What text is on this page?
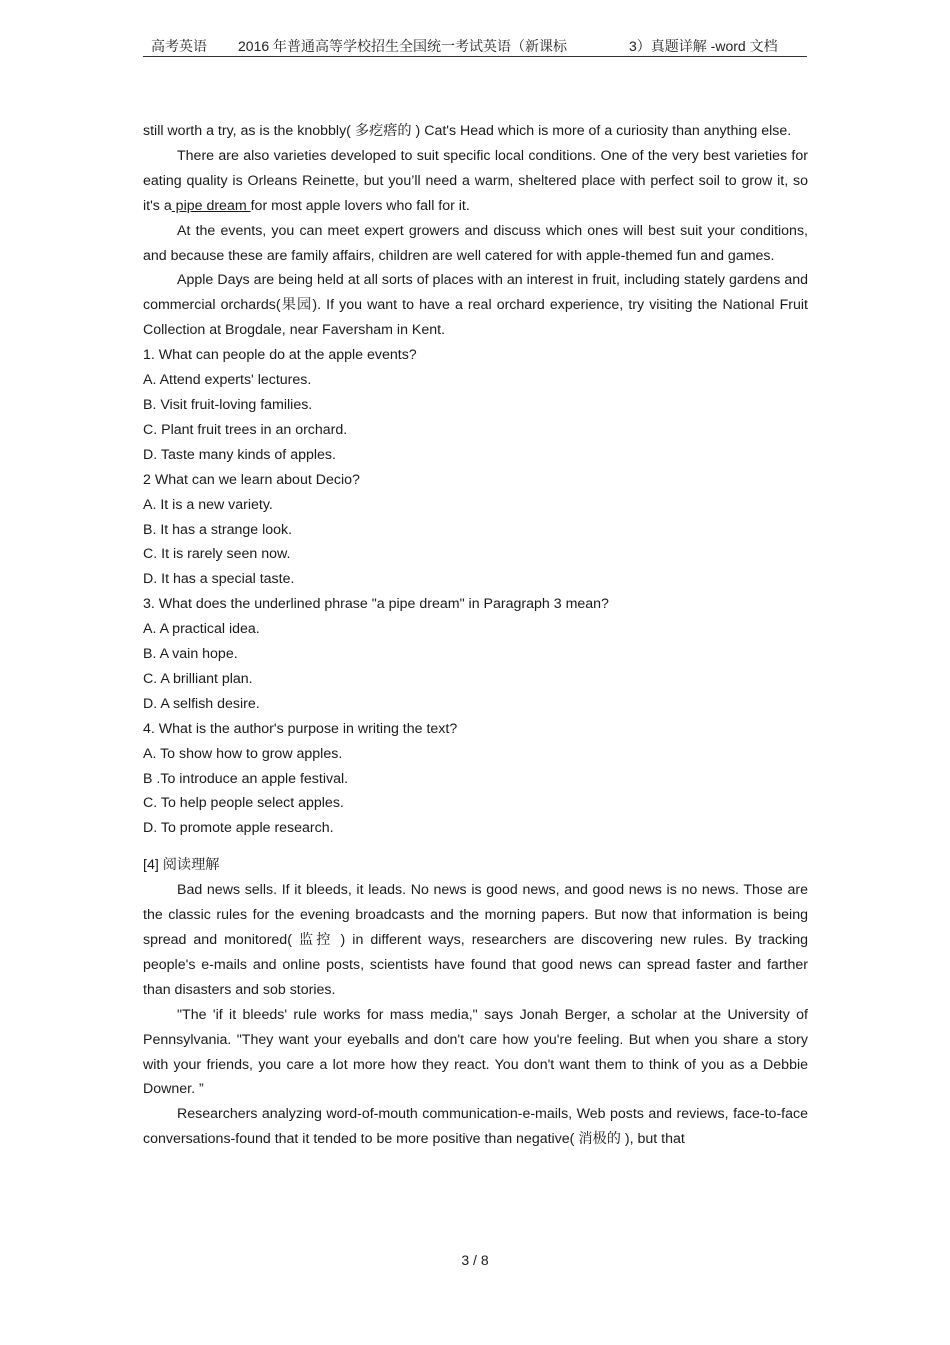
高考英语 2016 年普通高等学校招生全国统一考试英语（新课标	3）真题详解 -word 文档

still worth a try, as is the knobbly( 多疙瘩的 ) Cat's Head which is more of a curiosity than anything else.

There are also varieties developed to suit specific local conditions. One of the very best varieties for eating quality is Orleans Reinette, but you’ll need a warm, sheltered place with perfect soil to grow it, so it's a pipe dream for most apple lovers who fall for it.

At the events, you can meet expert growers and discuss which ones will best suit your conditions, and because these are family affairs, children are well catered for with apple-themed fun and games.

Apple Days are being held at all sorts of places with an interest in fruit, including stately gardens and commercial orchards(果园). If you want to have a real orchard experience, try visiting the National Fruit Collection at Brogdale, near Faversham in Kent.

1. What can people do at the apple events?

A. Attend experts' lectures.

B. Visit fruit-loving families.

C. Plant fruit trees in an orchard.

D. Taste many kinds of apples.

2 What can we learn about Decio?

A. It is a new variety.

B. It has a strange look.

C. It is rarely seen now.

D. It has a special taste.

3. What does the underlined phrase "a pipe dream" in Paragraph 3 mean?

A. A practical idea.

B. A vain hope.

C. A brilliant plan.

D. A selfish desire.

4. What is the author's purpose in writing the text?

A. To show how to grow apples.

B .To introduce an apple festival.

C. To help people select apples.

D. To promote apple research.

[4] 阅读理解

Bad news sells. If it bleeds, it leads. No news is good news, and good news is no news. Those are the classic rules for the evening broadcasts and the morning papers. But now that information is being spread and monitored( 监控 ) in different ways, researchers are discovering new rules. By tracking people's e-mails and online posts, scientists have found that good news can spread faster and farther than disasters and sob stories.

"The 'if it bleeds' rule works for mass media," says Jonah Berger, a scholar at the University of Pennsylvania. "They want your eyeballs and don't care how you're feeling. But when you share a story with your friends, you care a lot more how they react. You don't want them to think of you as a Debbie Downer. ”

Researchers analyzing word-of-mouth communication-e-mails, Web posts and reviews, face-to-face conversations-found that it tended to be more positive than negative( 消极的 ), but that

3 / 8
